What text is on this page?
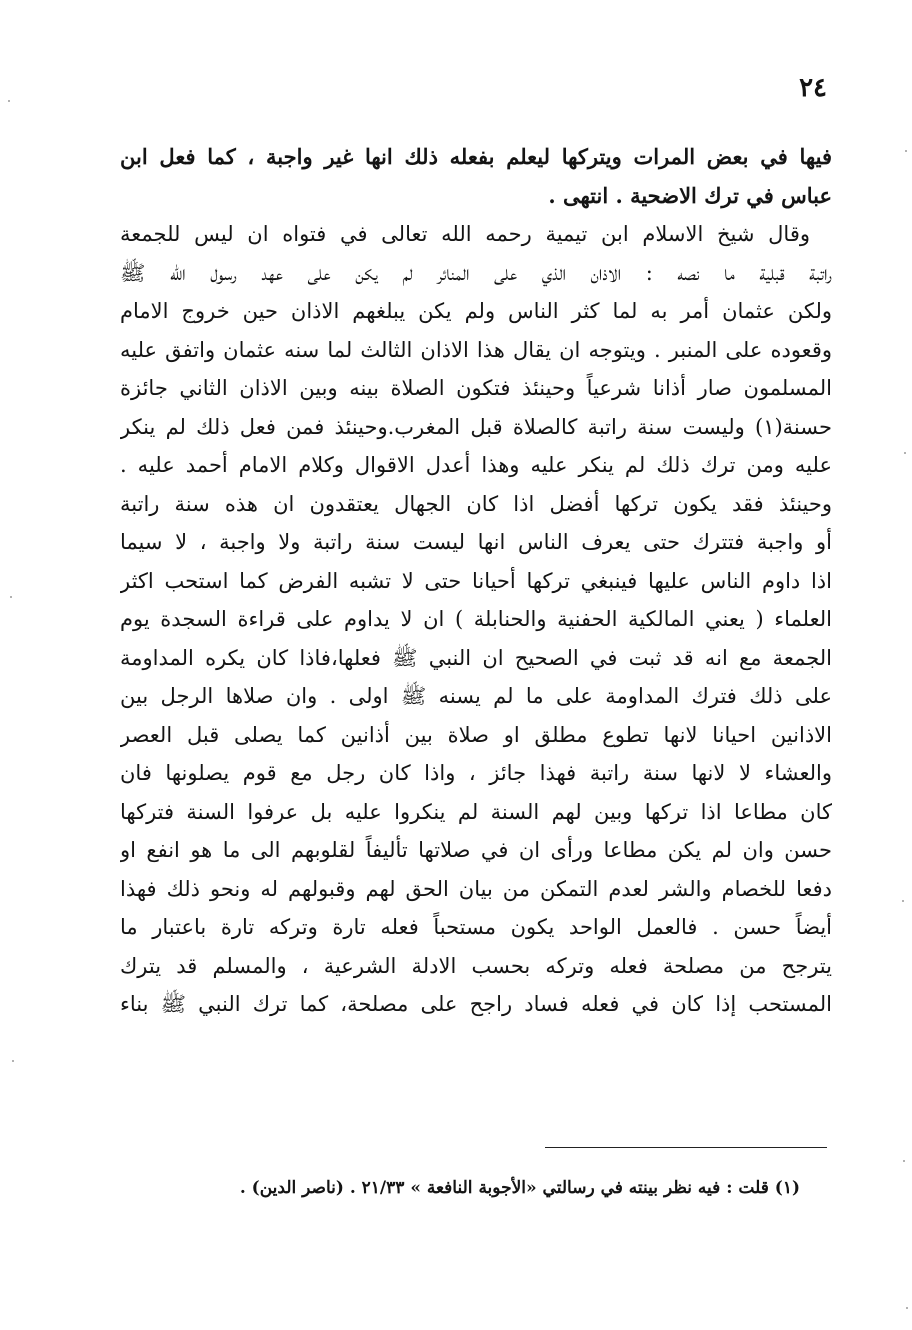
٢٤
فيها في بعض المرات ويتركها ليعلم بفعله ذلك انها غير واجبة ، كما فعل ابن
عباس في ترك الاضحية . انتهى .
وقال شيخ الاسلام ابن تيمية رحمه الله تعالى في فتواه ان ليس للجمعة
راتبة قبلية ما نصه : الاذان الذي على المنائر لم يكن على عهد رسول الله ﷺ
ولكن عثمان أمر به لما كثر الناس ولم يكن يبلغهم الاذان حين خروج الامام
وقعوده على المنبر . ويتوجه ان يقال هذا الاذان الثالث لما سنه عثمان واتفق عليه
المسلمون صار أذانا شرعياً وحينئذ فتكون الصلاة بينه وبين الاذان الثاني جائزة
حسنة(١) وليست سنة راتبة كالصلاة قبل المغرب.وحينئذ فمن فعل ذلك لم ينكر
عليه ومن ترك ذلك لم ينكر عليه وهذا أعدل الاقوال وكلام الامام أحمد عليه .
وحينئذ فقد يكون تركها أفضل اذا كان الجهال يعتقدون ان هذه سنة راتبة
أو واجبة فتترك حتى يعرف الناس انها ليست سنة راتبة ولا واجبة ، لا سيما
اذا داوم الناس عليها فينبغي تركها أحيانا حتى لا تشبه الفرض كما استحب اكثر
العلماء ( يعني المالكية الحفنية والحنابلة ) ان لا يداوم على قراءة السجدة يوم
الجمعة مع انه قد ثبت في الصحيح ان النبي ﷺ فعلها،فاذا كان يكره المداومة
على ذلك فترك المداومة على ما لم يسنه ﷺ اولى . وان صلاها الرجل بين
الاذانين احيانا لانها تطوع مطلق او صلاة بين أذانين كما يصلى قبل العصر
والعشاء لا لانها سنة راتبة فهذا جائز ، واذا كان رجل مع قوم يصلونها فان
كان مطاعا اذا تركها وبين لهم السنة لم ينكروا عليه بل عرفوا السنة فتركها
حسن وان لم يكن مطاعا ورأى ان في صلاتها تأليفاً لقلوبهم الى ما هو انفع او
دفعا للخصام والشر لعدم التمكن من بيان الحق لهم وقبولهم له ونحو ذلك فهذا
أيضاً حسن . فالعمل الواحد يكون مستحباً فعله تارة وتركه تارة باعتبار ما
يترجح من مصلحة فعله وتركه بحسب الادلة الشرعية ، والمسلم قد يترك
المستحب إذا كان في فعله فساد راجح على مصلحة، كما ترك النبي ﷺ بناء
(١) قلت : فيه نظر بينته في رسالتي «الأجوبة النافعة » ٢١/٣٣ . (ناصر الدين) .
